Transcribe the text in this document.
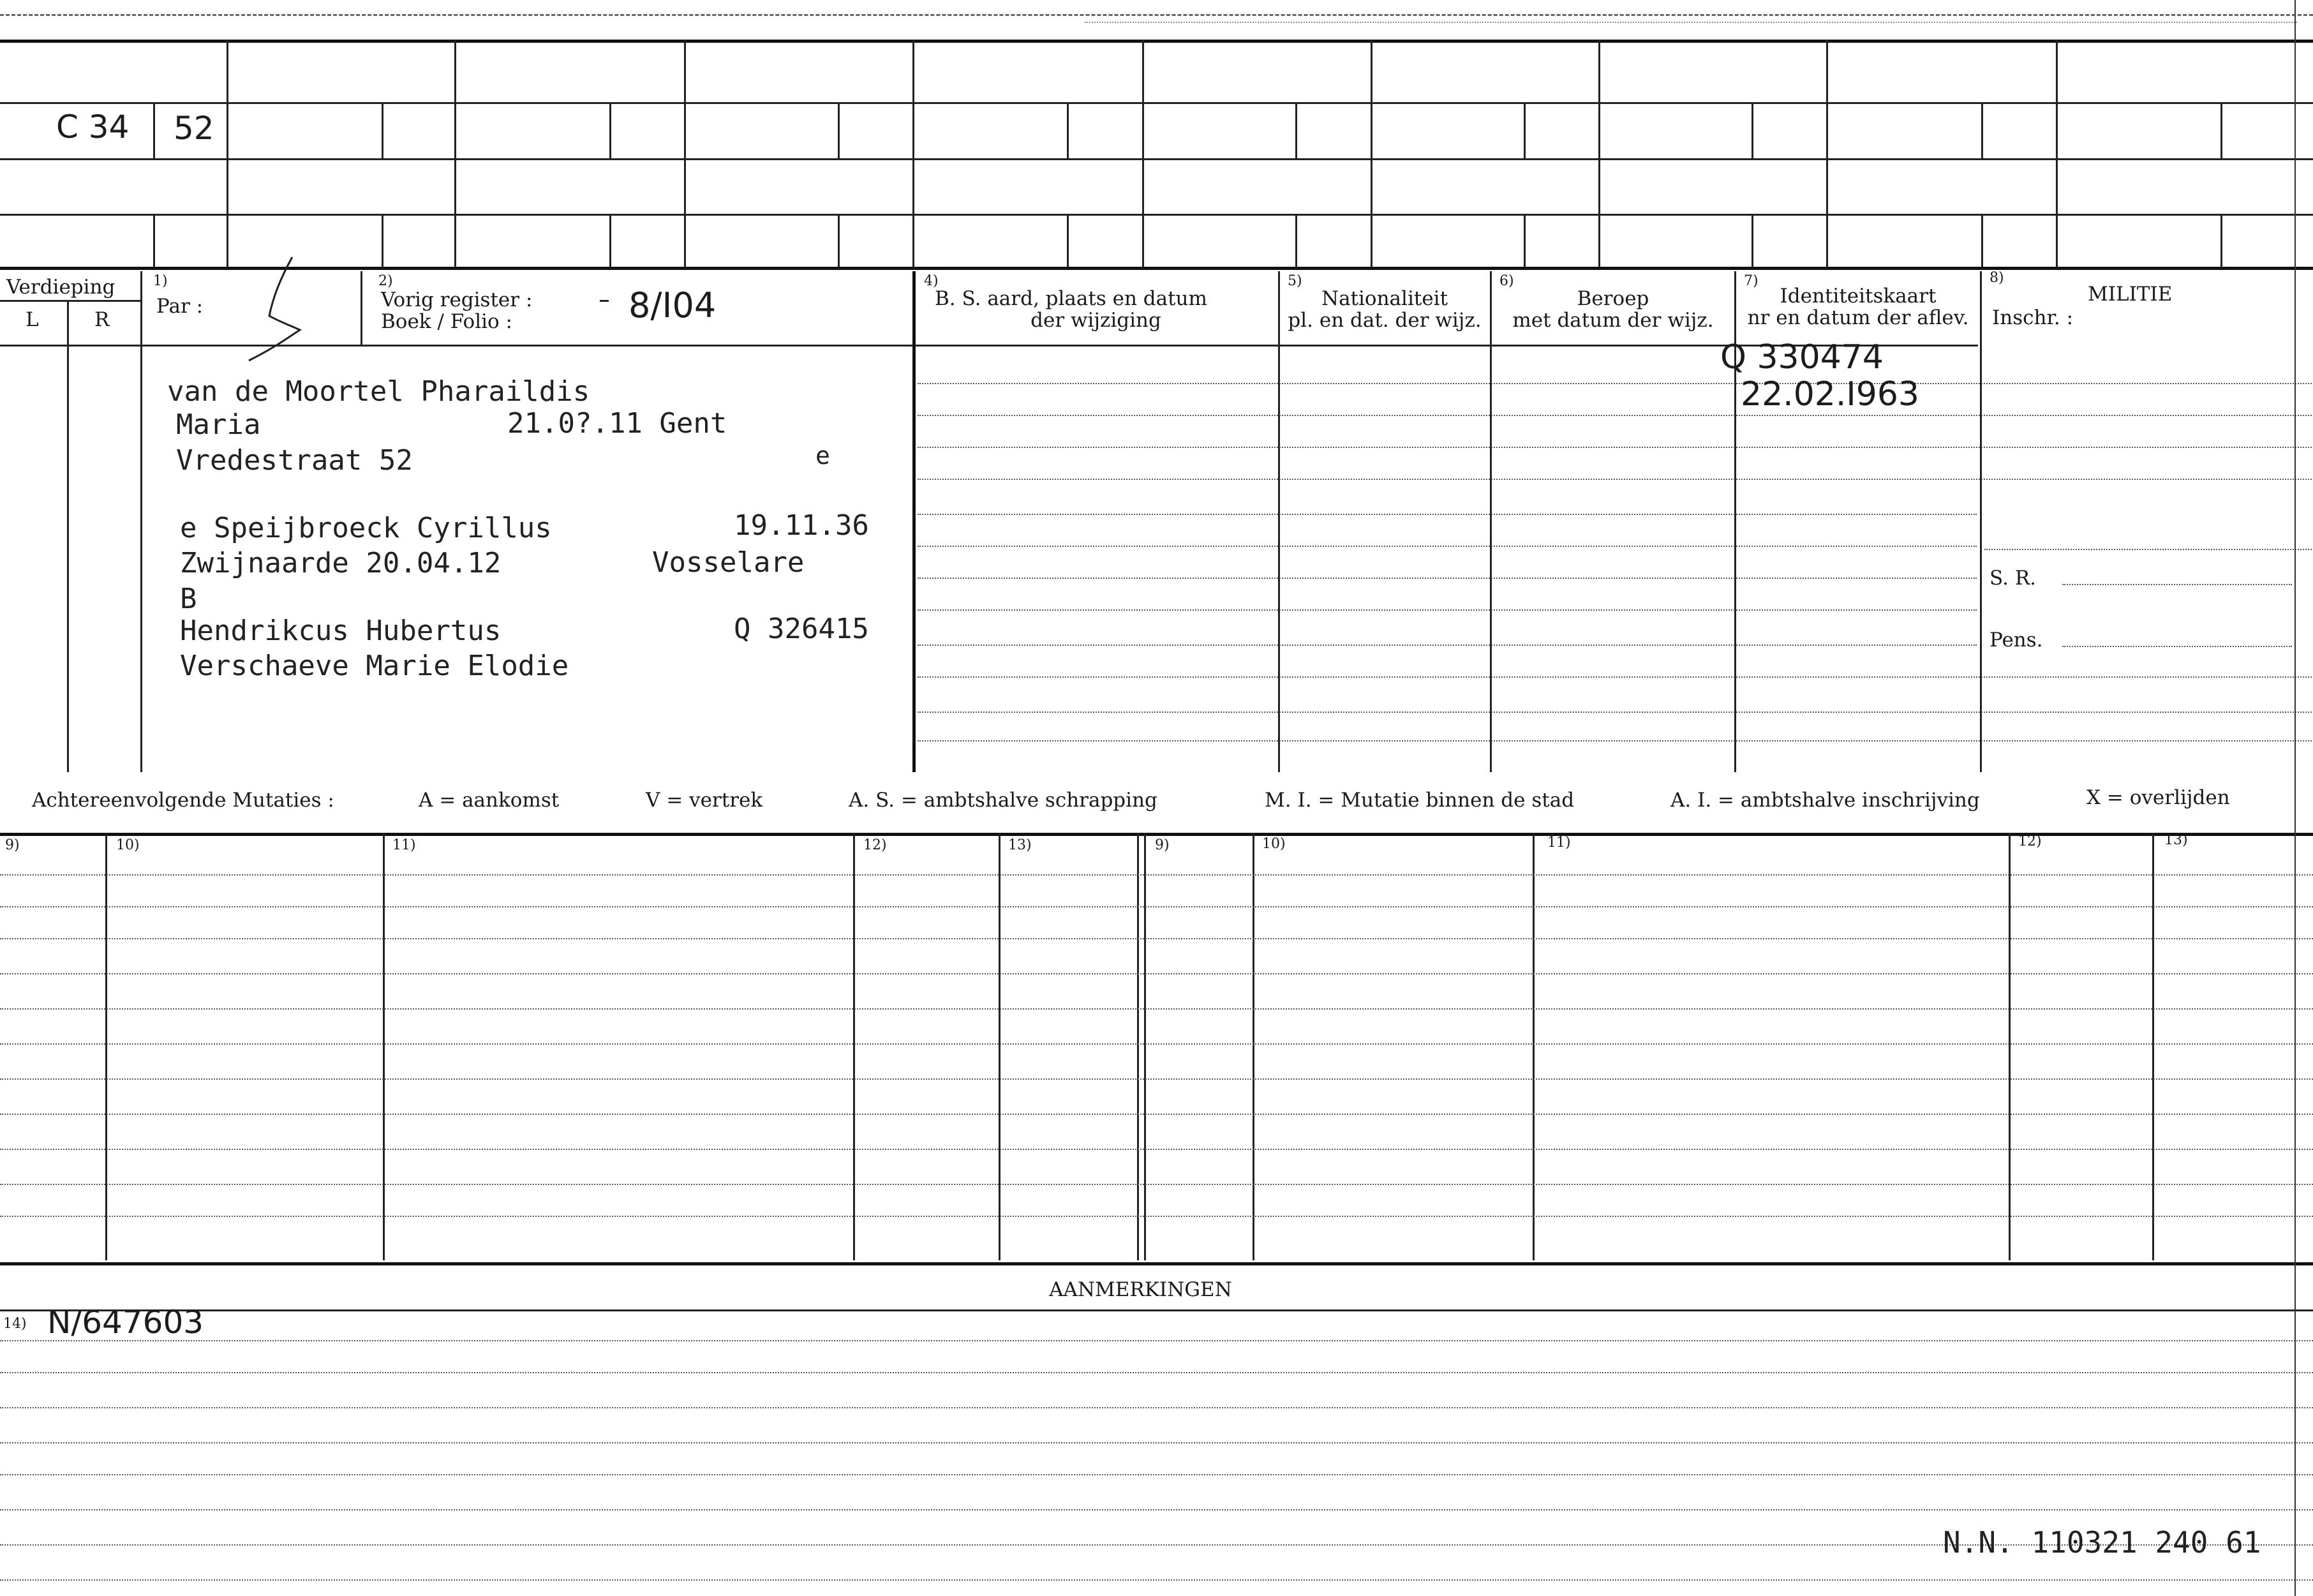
C 34 52
Verdieping
L	R
1)
Par :
2)
Vorig register :
Boek / Folio :	8/I04
4)
B. S. aard, plaats en datum
der wijziging
5)
Nationaliteit
pl. en dat. der wijz.
6)
Beroep
met datum der wijz.
7)
Identiteitskaart
nr en datum der aflev.
8)
MILITIE
Inschr. :
S. R.
Pens.
van de Moortel Pharaildis
Maria	21.0?.11 Gent
Vredestraat 52	e
e Speijbroeck Cyrillus	19.11.36
Zwijnaarde 20.04.12	Vosselare
B
Hendrikcus Hubertus	Q 326415
Verschaeve Marie Elodie
Q 330474
22.02.I963
Achtereenvolgende Mutaties :	A = aankomst	V = vertrek	A. S. = ambtshalve schrapping	M. I. = Mutatie binnen de stad	A. I. = ambtshalve inschrijving	X = overlijden
9)	10)	11)	12)	13)	9)	10)	11)	12)	13)
AANMERKINGEN
14) N/647603
N.N. 110321 240 61
